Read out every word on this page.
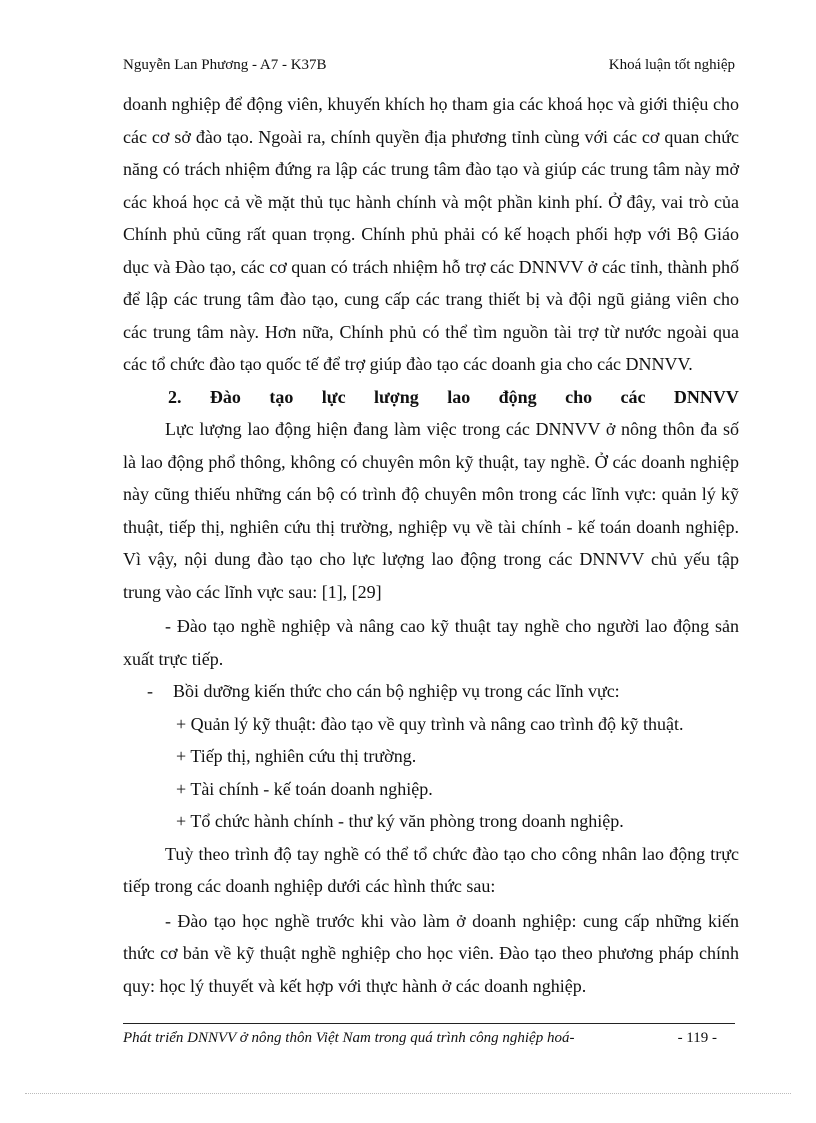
Nguyễn Lan Phương - A7 - K37B	Khoá luận tốt nghiệp

doanh nghiệp để động viên, khuyến khích họ tham gia các khoá học và giới thiệu cho các cơ sở đào tạo. Ngoài ra, chính quyền địa phương tỉnh cùng với các cơ quan chức năng có trách nhiệm đứng ra lập các trung tâm đào tạo và giúp các trung tâm này mở các khoá học cả về mặt thủ tục hành chính và một phần kinh phí. Ở đây, vai trò của Chính phủ cũng rất quan trọng. Chính phủ phải có kế hoạch phối hợp với Bộ Giáo dục và Đào tạo, các cơ quan có trách nhiệm hỗ trợ các DNNVV ở các tỉnh, thành phố để lập các trung tâm đào tạo, cung cấp các trang thiết bị và đội ngũ giảng viên cho các trung tâm này. Hơn nữa, Chính phủ có thể tìm nguồn tài trợ từ nước ngoài qua các tổ chức đào tạo quốc tế để trợ giúp đào tạo các doanh gia cho các DNNVV.

2. Đào tạo lực lượng lao động cho các DNNVV

Lực lượng lao động hiện đang làm việc trong các DNNVV ở nông thôn đa số là lao động phổ thông, không có chuyên môn kỹ thuật, tay nghề. Ở các doanh nghiệp này cũng thiếu những cán bộ có trình độ chuyên môn trong các lĩnh vực: quản lý kỹ thuật, tiếp thị, nghiên cứu thị trường, nghiệp vụ về tài chính - kế toán doanh nghiệp. Vì vậy, nội dung đào tạo cho lực lượng lao động trong các DNNVV chủ yếu tập trung vào các lĩnh vực sau: [1], [29]

- Đào tạo nghề nghiệp và nâng cao kỹ thuật tay nghề cho người lao động sản xuất trực tiếp.

-	Bồi dưỡng kiến thức cho cán bộ nghiệp vụ trong các lĩnh vực:

+ Quản lý kỹ thuật: đào tạo về quy trình và nâng cao trình độ kỹ thuật.

+ Tiếp thị, nghiên cứu thị trường.

+ Tài chính - kế toán doanh nghiệp.

+ Tổ chức hành chính - thư ký văn phòng trong doanh nghiệp.

Tuỳ theo trình độ tay nghề có thể tổ chức đào tạo cho công nhân lao động trực tiếp trong các doanh nghiệp dưới các hình thức sau:

- Đào tạo học nghề trước khi vào làm ở doanh nghiệp: cung cấp những kiến thức cơ bản về kỹ thuật nghề nghiệp cho học viên. Đào tạo theo phương pháp chính quy: học lý thuyết và kết hợp với thực hành ở các doanh nghiệp.

Phát triển DNNVV ở nông thôn Việt Nam trong quá trình công nghiệp hoá-	- 119 -
